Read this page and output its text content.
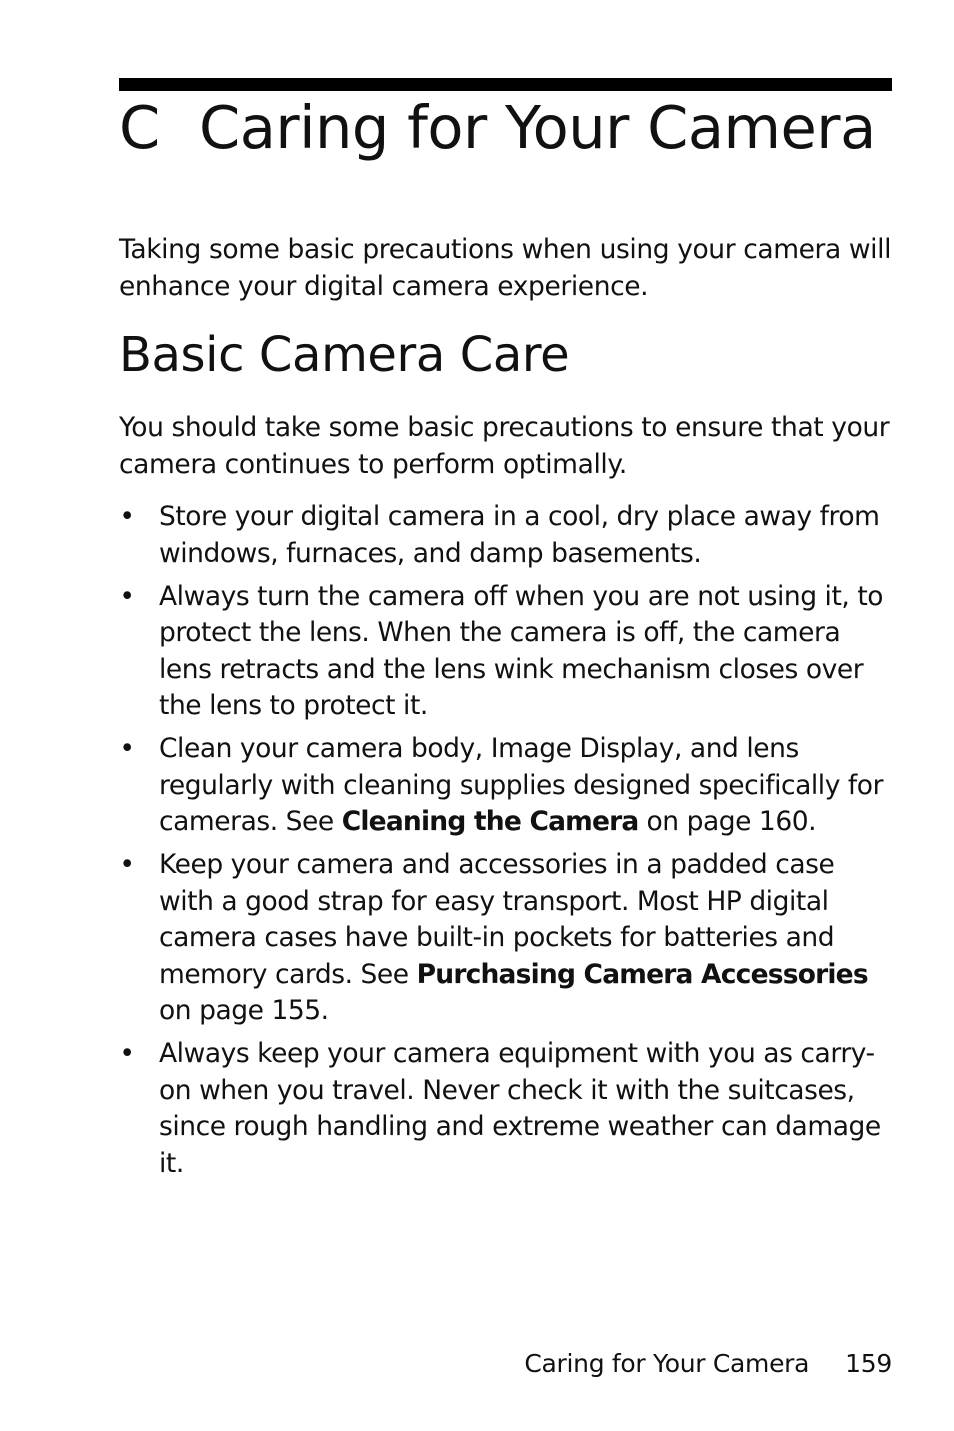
C Caring for Your Camera

Taking some basic precautions when using your camera will enhance your digital camera experience.

Basic Camera Care

You should take some basic precautions to ensure that your camera continues to perform optimally.

• Store your digital camera in a cool, dry place away from windows, furnaces, and damp basements.
• Always turn the camera off when you are not using it, to protect the lens. When the camera is off, the camera lens retracts and the lens wink mechanism closes over the lens to protect it.
• Clean your camera body, Image Display, and lens regularly with cleaning supplies designed specifically for cameras. See Cleaning the Camera on page 160.
• Keep your camera and accessories in a padded case with a good strap for easy transport. Most HP digital camera cases have built-in pockets for batteries and memory cards. See Purchasing Camera Accessories on page 155.
• Always keep your camera equipment with you as carry-on when you travel. Never check it with the suitcases, since rough handling and extreme weather can damage it.
Caring for Your Camera 159
